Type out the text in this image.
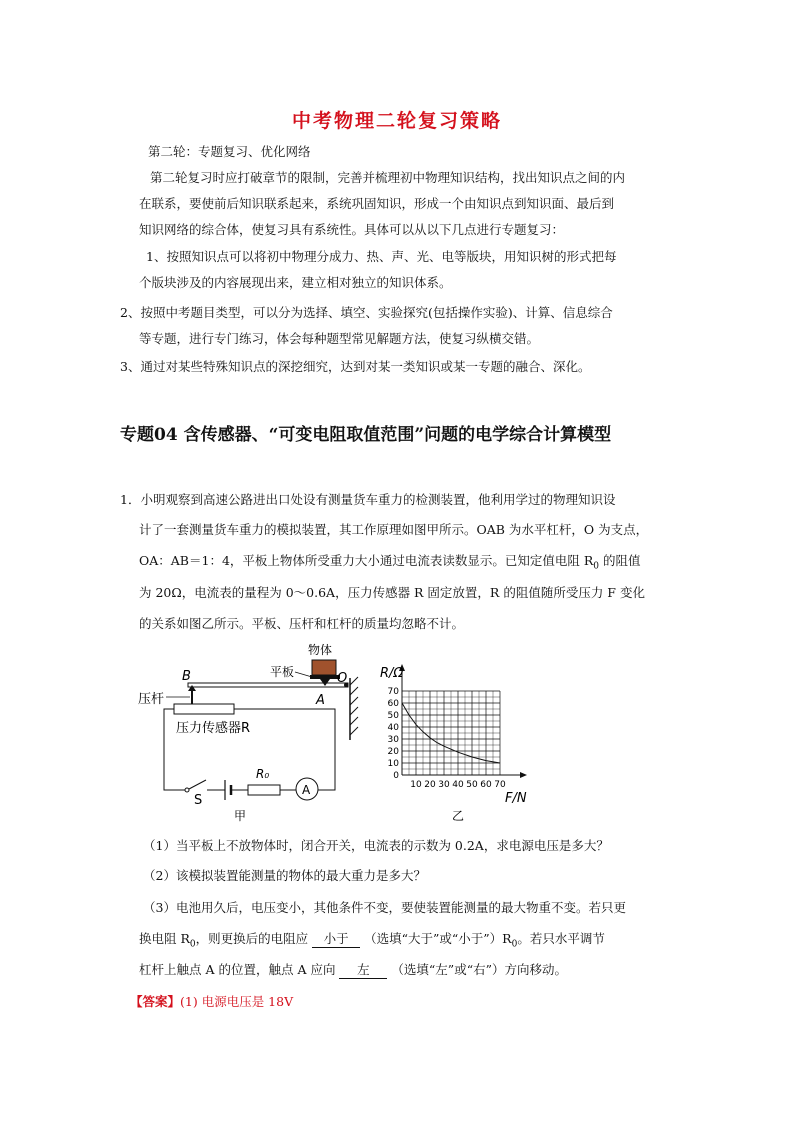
中考物理二轮复习策略
第二轮：专题复习、优化网络
第二轮复习时应打破章节的限制，完善并梳理初中物理知识结构，找出知识点之间的内
在联系，要使前后知识联系起来，系统巩固知识，形成一个由知识点到知识面、最后到
知识网络的综合体，使复习具有系统性。具体可以从以下几点进行专题复习：
1、按照知识点可以将初中物理分成力、热、声、光、电等版块，用知识树的形式把每
个版块涉及的内容展现出来，建立相对独立的知识体系。
2、按照中考题目类型，可以分为选择、填空、实验探究(包括操作实验)、计算、信息综合
等专题，进行专门练习，体会每种题型常见解题方法，使复习纵横交错。
3、通过对某些特殊知识点的深挖细究，达到对某一类知识或某一专题的融合、深化。
专题04 含传感器、“可变电阻取值范围”问题的电学综合计算模型
1．小明观察到高速公路进出口处设有测量货车重力的检测装置，他利用学过的物理知识设
计了一套测量货车重力的模拟装置，其工作原理如图甲所示。OAB 为水平杠杆，O 为支点，
OA：AB＝1：4，平板上物体所受重力大小通过电流表读数显示。已知定值电阻 $R_0$ 的阻值
为 20Ω，电流表的量程为 0～0.6A，压力传感器 R 固定放置，R 的阻值随所受压力 F 变化
的关系如图乙所示。平板、压杆和杠杆的质量均忽略不计。
物体
平板
B	O
A
压杆
压力传感器R
S
R₀
A
甲
70
60
50
40
30
20
10
0
10 20 30 40 50 60 70
R/Ω
F/N
乙
（1）当平板上不放物体时，闭合开关，电流表的示数为 0.2A，求电源电压是多大？
（2）该模拟装置能测量的物体的最大重力是多大？
（3）电池用久后，电压变小，其他条件不变，要使装置能测量的最大物重不变。若只更
换电阻 $R_0$，则更换后的电阻应 小于 （选填“大于”或“小于$”)R_0$。若只水平调节
杠杆上触点 A 的位置，触点 A 应向 左 （选填“左”或“右”）方向移动。
【答案】(1) 电源电压是 18V
